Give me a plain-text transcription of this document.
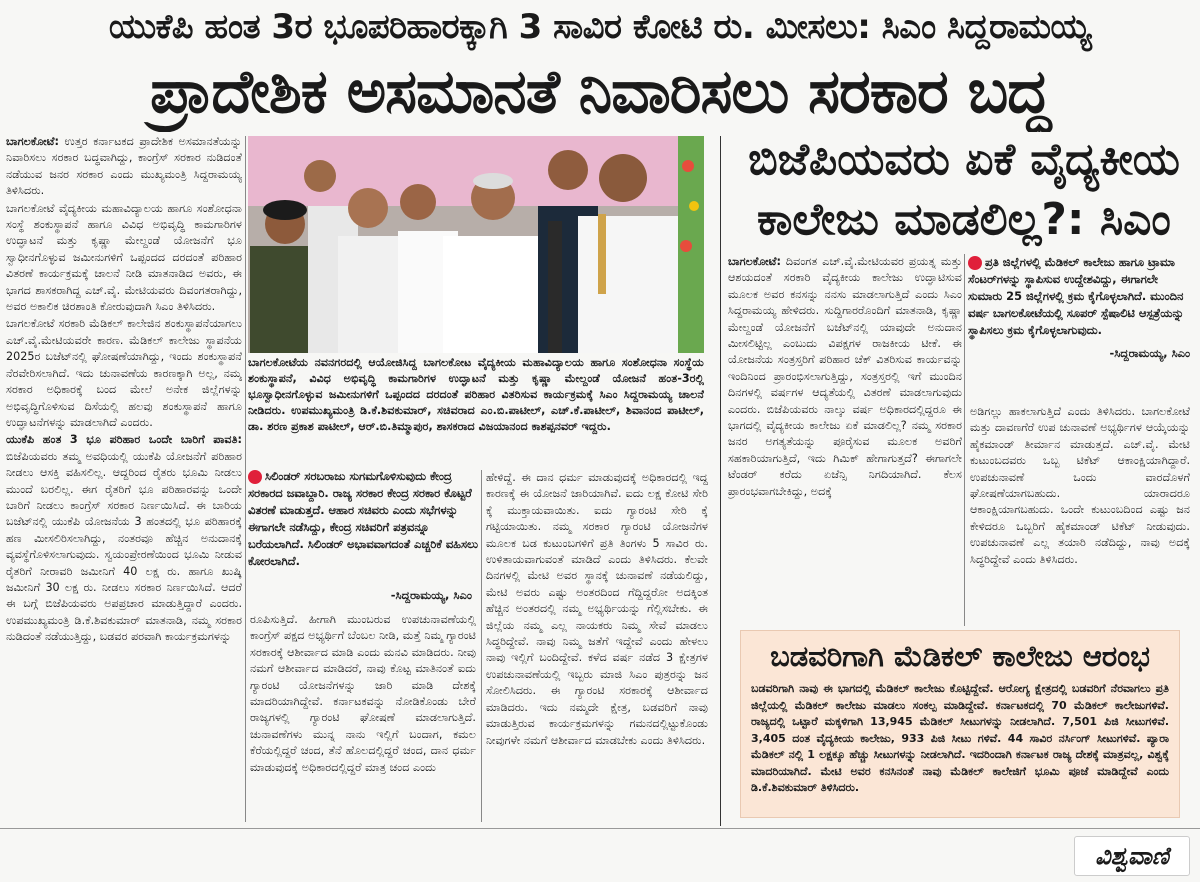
ಯುಕೆಪಿ ಹಂತ 3ರ ಭೂಪರಿಹಾರಕ್ಕಾಗಿ 3 ಸಾವಿರ ಕೋಟಿ ರು. ಮೀಸಲು: ಸಿಎಂ ಸಿದ್ದರಾಮಯ್ಯ
ಪ್ರಾದೇಶಿಕ ಅಸಮಾನತೆ ನಿವಾರಿಸಲು ಸರಕಾರ ಬದ್ಧ

ಬಾಗಲಕೋಟೆ: ಉತ್ತರ ಕರ್ನಾಟಕದ ಪ್ರಾದೇಶಿಕ ಅಸಮಾನತೆಯನ್ನು ನಿವಾರಿಸಲು ಸರಕಾರ ಬದ್ಧವಾಗಿದ್ದು, ಕಾಂಗ್ರೆಸ್ ಸರಕಾರ ನುಡಿದಂತೆ ನಡೆಯುವ ಜನರ ಸರಕಾರ ಎಂದು ಮುಖ್ಯಮಂತ್ರಿ ಸಿದ್ದರಾಮಯ್ಯ ತಿಳಿಸಿದರು.

ಬಾಗಲಕೋಟೆ ವೈದ್ಯಕೀಯ ಮಹಾವಿದ್ಯಾಲಯ ಹಾಗೂ ಸಂಶೋಧನಾ ಸಂಸ್ಥೆ ಶಂಕುಸ್ಥಾಪನೆ ಹಾಗೂ ವಿವಿಧ ಅಭಿವೃದ್ಧಿ ಕಾಮಗಾರಿಗಳ ಉದ್ಘಾಟನೆ ಮತ್ತು ಕೃಷ್ಣಾ ಮೇಲ್ದಂಡೆ ಯೋಜನೆಗೆ ಭೂ ಸ್ವಾಧೀನಗೊಳ್ಳುವ ಜಮೀನುಗಳಿಗೆ ಒಪ್ಪಂದದ ದರದಂತೆ ಪರಿಹಾರ ವಿತರಣೆ ಕಾರ್ಯಕ್ರಮಕ್ಕೆ ಚಾಲನೆ ನೀಡಿ ಮಾತನಾಡಿದ ಅವರು, ಈ ಭಾಗದ ಶಾಸಕರಾಗಿದ್ದ ಎಚ್.ವೈ. ಮೇಟಿಯವರು ದಿವಂಗತರಾಗಿದ್ದು, ಅವರ ಅಕಾಲಿಕ ಚಿರಶಾಂತಿ ಕೋರುವುದಾಗಿ ಸಿಎಂ ತಿಳಿಸಿದರು.

ಬಾಗಲಕೋಟೆ ಸರಕಾರಿ ಮೆಡಿಕಲ್ ಕಾಲೇಜಿನ ಶಂಕುಸ್ಥಾಪನೆಯಾಗಲು ಎಚ್.ವೈ.ಮೇಟಿಯವರೇ ಕಾರಣ. ಮೆಡಿಕಲ್ ಕಾಲೇಜು ಸ್ಥಾಪನೆಯ 2025ರ ಬಜೆಟ್‌ನಲ್ಲಿ ಘೋಷಣೆಯಾಗಿದ್ದು, ಇಂದು ಶಂಕುಸ್ಥಾಪನೆ ನೆರವೇರಿಸಲಾಗಿದೆ. ಇದು ಚುನಾವಣೆಯ ಕಾರಣಕ್ಕಾಗಿ ಅಲ್ಲ, ನಮ್ಮ ಸರಕಾರ ಅಧಿಕಾರಕ್ಕೆ ಬಂದ ಮೇಲೆ ಅನೇಕ ಜಿಲ್ಲೆಗಳನ್ನು ಅಭಿವೃದ್ಧಿಗೊಳಿಸುವ ದಿಸೆಯಲ್ಲಿ ಹಲವು ಶಂಕುಸ್ಥಾಪನೆ ಹಾಗೂ ಉದ್ಘಾಟನೆಗಳನ್ನು ಮಾಡಲಾಗಿದೆ ಎಂದರು.

ಯುಕೆಪಿ ಹಂತ 3 ಭೂ ಪರಿಹಾರ ಒಂದೇ ಬಾರಿಗೆ ಪಾವತಿ: ಬಿಜೆಪಿಯವರು ತಮ್ಮ ಅವಧಿಯಲ್ಲಿ ಯುಕೆಪಿ ಯೋಜನೆಗೆ ಪರಿಹಾರ ನೀಡಲು ಆಸಕ್ತಿ ವಹಿಸಲಿಲ್ಲ. ಆದ್ದರಿಂದ ರೈತರು ಭೂಮಿ ನೀಡಲು ಮುಂದೆ ಬರಲಿಲ್ಲ. ಈಗ ರೈತರಿಗೆ ಭೂ ಪರಿಹಾರವನ್ನು ಒಂದೇ ಬಾರಿಗೆ ನೀಡಲು ಕಾಂಗ್ರೆಸ್ ಸರಕಾರ ನಿರ್ಣಯಿಸಿದೆ. ಈ ಬಾರಿಯ ಬಜೆಟ್‌ನಲ್ಲಿ ಯುಕೆಪಿ ಯೋಜನೆಯ 3 ಹಂತದಲ್ಲಿ ಭೂ ಪರಿಹಾರಕ್ಕೆ ಹಣ ಮೀಸಲಿರಿಸಲಾಗಿದ್ದು, ನಂತರವೂ ಹೆಚ್ಚಿನ ಅನುದಾನಕ್ಕೆ ವ್ಯವಸ್ಥೆಗೊಳಿಸಲಾಗುವುದು. ಸ್ವಯಂಪ್ರೇರಣೆಯಿಂದ ಭೂಮಿ ನೀಡುವ ರೈತರಿಗೆ ನೀರಾವರಿ ಜಮೀನಿಗೆ 40 ಲಕ್ಷ ರು. ಹಾಗೂ ಖುಷ್ಕಿ ಜಮೀನಿಗೆ 30 ಲಕ್ಷ ರು. ನೀಡಲು ಸರಕಾರ ನಿರ್ಣಯಿಸಿದೆ. ಆದರೆ ಈ ಬಗ್ಗೆ ಬಿಜೆಪಿಯವರು ಅಪಪ್ರಚಾರ ಮಾಡುತ್ತಿದ್ದಾರೆ ಎಂದರು. ಉಪಮುಖ್ಯಮಂತ್ರಿ ಡಿ.ಕೆ.ಶಿವಕುಮಾರ್ ಮಾತನಾಡಿ, ನಮ್ಮ ಸರಕಾರ ನುಡಿದಂತೆ ನಡೆಯುತ್ತಿದ್ದು, ಬಡವರ ಪರವಾಗಿ ಕಾರ್ಯಕ್ರಮಗಳನ್ನು

ಬಾಗಲಕೋಟೆಯ ನವನಗರದಲ್ಲಿ ಆಯೋಜಿಸಿದ್ದ ಬಾಗಲಕೋಟ ವೈದ್ಯಕೀಯ ಮಹಾವಿದ್ಯಾಲಯ ಹಾಗೂ ಸಂಶೋಧನಾ ಸಂಸ್ಥೆಯ ಶಂಕುಸ್ಥಾಪನೆ, ವಿವಿಧ ಅಭಿವೃದ್ಧಿ ಕಾಮಗಾರಿಗಳ ಉದ್ಘಾಟನೆ ಮತ್ತು ಕೃಷ್ಣಾ ಮೇಲ್ದಂಡೆ ಯೋಜನೆ ಹಂತ-3ರಲ್ಲಿ ಭೂಸ್ವಾಧೀನಗೊಳ್ಳುವ ಜಮೀನುಗಳಿಗೆ ಒಪ್ಪಂದದ ದರದಂತೆ ಪರಿಹಾರ ವಿತರಿಸುವ ಕಾರ್ಯಕ್ರಮಕ್ಕೆ ಸಿಎಂ ಸಿದ್ದರಾಮಯ್ಯ ಚಾಲನೆ ನೀಡಿದರು. ಉಪಮುಖ್ಯಮಂತ್ರಿ ಡಿ.ಕೆ.ಶಿವಕುಮಾರ್, ಸಚಿವರಾದ ಎಂ.ಬಿ.ಪಾಟೀಲ್, ಎಚ್.ಕೆ.ಪಾಟೀಲ್, ಶಿವಾನಂದ ಪಾಟೀಲ್, ಡಾ. ಶರಣ ಪ್ರಕಾಶ ಪಾಟೀಲ್, ಆರ್.ಬಿ.ತಿಮ್ಮಾಪುರ, ಶಾಸಕರಾದ ವಿಜಯಾನಂದ ಕಾಶಪ್ಪನವರ್ ಇದ್ದರು.
ಸಿಲಿಂಡರ್ ಸರಬರಾಜು ಸುಗಮಗೊಳಿಸುವುದು ಕೇಂದ್ರ ಸರಕಾರದ ಜವಾಬ್ದಾರಿ. ರಾಜ್ಯ ಸರಕಾರ ಕೇಂದ್ರ ಸರಕಾರ ಕೊಟ್ಟರೆ ವಿತರಣೆ ಮಾಡುತ್ತದೆ. ಆಹಾರ ಸಚಿವರು ಎಂದು ಸಭೆಗಳನ್ನು ಈಗಾಗಲೇ ನಡೆಸಿದ್ದು, ಕೇಂದ್ರ ಸಚಿವರಿಗೆ ಪತ್ರವನ್ನೂ ಬರೆಯಲಾಗಿದೆ. ಸಿಲಿಂಡರ್ ಅಭಾವವಾಗದಂತೆ ಎಚ್ಚರಿಕೆ ವಹಿಸಲು ಕೋರಲಾಗಿದೆ.
-ಸಿದ್ದರಾಮಯ್ಯ, ಸಿಎಂ

ರೂಪಿಸುತ್ತಿದೆ. ಹೀಗಾಗಿ ಮುಂಬರುವ ಉಪಚುನಾವಣೆಯಲ್ಲಿ ಕಾಂಗ್ರೆಸ್ ಪಕ್ಷದ ಅಭ್ಯರ್ಥಿಗೆ ಬೆಂಬಲ ನೀಡಿ, ಮತ್ತೆ ನಿಮ್ಮ ಗ್ಯಾರಂಟಿ ಸರಕಾರಕ್ಕೆ ಆಶೀರ್ವಾದ ಮಾಡಿ ಎಂದು ಮನವಿ ಮಾಡಿದರು. ನೀವು ನಮಗೆ ಆಶೀರ್ವಾದ ಮಾಡಿದರೆ, ನಾವು ಕೊಟ್ಟ ಮಾತಿನಂತೆ ಐದು ಗ್ಯಾರಂಟಿ ಯೋಜನೆಗಳನ್ನು ಜಾರಿ ಮಾಡಿ ದೇಶಕ್ಕೆ ಮಾದರಿಯಾಗಿದ್ದೇವೆ. ಕರ್ನಾಟಕವನ್ನು ನೋಡಿಕೊಂಡು ಬೇರೆ ರಾಜ್ಯಗಳಲ್ಲಿ ಗ್ಯಾರಂಟಿ ಘೋಷಣೆ ಮಾಡಲಾಗುತ್ತಿದೆ. ಚುನಾವಣೆಗಳು ಮುನ್ನ ನಾನು ಇಲ್ಲಿಗೆ ಬಂದಾಗ, ಕಮಲ ಕೆರೆಯಲ್ಲಿದ್ದರೆ ಚಂದ, ತೆನೆ ಹೊಲದಲ್ಲಿದ್ದರೆ ಚಂದ, ದಾನ ಧರ್ಮ ಮಾಡುವುದಕ್ಕೆ ಅಧಿಕಾರದಲ್ಲಿದ್ದರೆ ಮಾತ್ರ ಚಂದ ಎಂದು

ಹೇಳಿದ್ದೆ. ಈ ದಾನ ಧರ್ಮ ಮಾಡುವುದಕ್ಕೆ ಅಧಿಕಾರದಲ್ಲಿ ಇದ್ದ ಕಾರಣಕ್ಕೆ ಈ ಯೋಜನೆ ಜಾರಿಯಾಗಿವೆ. ಐದು ಲಕ್ಷ ಕೋಟಿ ಸೇರಿ ಕ್ಕೆ ಮುಕ್ತಾಯವಾಯಿತು. ಐದು ಗ್ಯಾರಂಟಿ ಸೇರಿ ಕ್ಕೆ ಗಟ್ಟಿಯಾಯಿತು. ನಮ್ಮ ಸರಕಾರ ಗ್ಯಾರಂಟಿ ಯೋಜನೆಗಳ ಮೂಲಕ ಬಡ ಕುಟುಂಬಗಳಿಗೆ ಪ್ರತಿ ತಿಂಗಳು 5 ಸಾವಿರ ರು. ಉಳಿತಾಯವಾಗುವಂತೆ ಮಾಡಿದೆ ಎಂದು ತಿಳಿಸಿದರು. ಕೆಲವೇ ದಿನಗಳಲ್ಲಿ ಮೇಟಿ ಅವರ ಸ್ಥಾನಕ್ಕೆ ಚುನಾವಣೆ ನಡೆಯಲಿದ್ದು, ಮೇಟಿ ಅವರು ಎಷ್ಟು ಅಂತರದಿಂದ ಗೆದ್ದಿದ್ದರೋ ಅದಕ್ಕಿಂತ ಹೆಚ್ಚಿನ ಅಂತರದಲ್ಲಿ ನಮ್ಮ ಅಭ್ಯರ್ಥಿಯನ್ನು ಗೆಲ್ಲಿಸಬೇಕು. ಈ ಜಿಲ್ಲೆಯ ನಮ್ಮ ಎಲ್ಲ ನಾಯಕರು ನಿಮ್ಮ ಸೇವೆ ಮಾಡಲು ಸಿದ್ಧರಿದ್ದೇವೆ. ನಾವು ನಿಮ್ಮ ಜತೆಗೆ ಇದ್ದೇವೆ ಎಂದು ಹೇಳಲು ನಾವು ಇಲ್ಲಿಗೆ ಬಂದಿದ್ದೇವೆ. ಕಳೆದ ವರ್ಷ ನಡೆದ 3 ಕ್ಷೇತ್ರಗಳ ಉಪಚುನಾವಣೆಯಲ್ಲಿ ಇಬ್ಬರು ಮಾಜಿ ಸಿಎಂ ಪುತ್ರರನ್ನು ಜನ ಸೋಲಿಸಿದರು. ಈ ಗ್ಯಾರಂಟಿ ಸರಕಾರಕ್ಕೆ ಆಶೀರ್ವಾದ ಮಾಡಿದರು. ಇದು ನಮ್ಮದೇ ಕ್ಷೇತ್ರ, ಬಡವರಿಗೆ ನಾವು ಮಾಡುತ್ತಿರುವ ಕಾರ್ಯಕ್ರಮಗಳನ್ನು ಗಮನದಲ್ಲಿಟ್ಟುಕೊಂಡು ನೀವುಗಳೇ ನಮಗೆ ಆಶೀರ್ವಾದ ಮಾಡಬೇಕು ಎಂದು ತಿಳಿಸಿದರು.

ಬಿಜೆಪಿಯವರು ಏಕೆ ವೈದ್ಯಕೀಯ
ಕಾಲೇಜು ಮಾಡಲಿಲ್ಲ?: ಸಿಎಂ

ಬಾಗಲಕೋಟೆ: ದಿವಂಗತ ಎಚ್.ವೈ.ಮೇಟಿಯವರ ಪ್ರಯತ್ನ ಮತ್ತು ಆಶಯದಂತೆ ಸರಕಾರಿ ವೈದ್ಯಕೀಯ ಕಾಲೇಜು ಉದ್ಘಾಟಿಸುವ ಮೂಲಕ ಅವರ ಕನಸನ್ನು ನನಸು ಮಾಡಲಾಗುತ್ತಿದೆ ಎಂದು ಸಿಎಂ ಸಿದ್ದರಾಮಯ್ಯ ಹೇಳಿದರು. ಸುದ್ದಿಗಾರರೊಂದಿಗೆ ಮಾತನಾಡಿ, ಕೃಷ್ಣಾ ಮೇಲ್ದಂಡೆ ಯೋಜನೆಗೆ ಬಜೆಟ್‌ನಲ್ಲಿ ಯಾವುದೇ ಅನುದಾನ ಮೀಸಲಿಟ್ಟಿಲ್ಲ ಎಂಬುದು ವಿಪಕ್ಷಗಳ ರಾಜಕೀಯ ಟೀಕೆ. ಈ ಯೋಜನೆಯ ಸಂತ್ರಸ್ತರಿಗೆ ಪರಿಹಾರ ಚೆಕ್ ವಿತರಿಸುವ ಕಾರ್ಯವನ್ನು ಇಂದಿನಿಂದ ಪ್ರಾರಂಭಿಸಲಾಗುತ್ತಿದ್ದು, ಸಂತ್ರಸ್ತರಲ್ಲಿ ಇಗೆ ಮುಂದಿನ ದಿನಗಳಲ್ಲಿ ವರ್ಷಗಳ ಆದ್ಯತೆಯಲ್ಲಿ ವಿತರಣೆ ಮಾಡಲಾಗುವುದು ಎಂದರು. ಬಿಜೆಪಿಯವರು ನಾಲ್ಕು ವರ್ಷ ಅಧಿಕಾರದಲ್ಲಿದ್ದರೂ ಈ ಭಾಗದಲ್ಲಿ ವೈದ್ಯಕೀಯ ಕಾಲೇಜು ಏಕೆ ಮಾಡಲಿಲ್ಲ? ನಮ್ಮ ಸರಕಾರ ಜನರ ಅಗತ್ಯತೆಯನ್ನು ಪೂರೈಸುವ ಮೂಲಕ ಅವರಿಗೆ ಸಹಕಾರಿಯಾಗುತ್ತಿದೆ, ಇದು ಗಿಮಿಕ್ ಹೇಗಾಗುತ್ತದೆ? ಈಗಾಗಲೇ ಟೆಂಡರ್ ಕರೆದು ಏಜೆನ್ಸಿ ನಿಗದಿಯಾಗಿದೆ. ಕೆಲಸ ಪ್ರಾರಂಭವಾಗಬೇಕಿದ್ದು, ಅದಕ್ಕೆ

ಪ್ರತಿ ಜಿಲ್ಲೆಗಳಲ್ಲಿ ಮೆಡಿಕಲ್ ಕಾಲೇಜು ಹಾಗೂ ಟ್ರಾಮಾ ಸೆಂಟರ್‌ಗಳನ್ನು ಸ್ಥಾಪಿಸುವ ಉದ್ದೇಶವಿದ್ದು, ಈಗಾಗಲೇ ಸುಮಾರು 25 ಜಿಲ್ಲೆಗಳಲ್ಲಿ ಕ್ರಮ ಕೈಗೊಳ್ಳಲಾಗಿದೆ. ಮುಂದಿನ ವರ್ಷ ಬಾಗಲಕೋಟೆಯಲ್ಲಿ ಸೂಪರ್ ಸ್ಪೆಷಾಲಿಟಿ ಆಸ್ಪತ್ರೆಯನ್ನು ಸ್ಥಾಪಿಸಲು ಕ್ರಮ ಕೈಗೊಳ್ಳಲಾಗುವುದು.
-ಸಿದ್ದರಾಮಯ್ಯ, ಸಿಎಂ

ಅಡಿಗಲ್ಲು ಹಾಕಲಾಗುತ್ತಿದೆ ಎಂದು ತಿಳಿಸಿದರು. ಬಾಗಲಕೋಟೆ ಮತ್ತು ದಾವಣಗೆರೆ ಉಪ ಚುನಾವಣೆ ಅಭ್ಯರ್ಥಿಗಳ ಆಯ್ಕೆಯನ್ನು ಹೈಕಮಾಂಡ್ ತೀರ್ಮಾನ ಮಾಡುತ್ತದೆ. ಎಚ್.ವೈ. ಮೇಟಿ ಕುಟುಂಬದವರು ಒಬ್ಬ ಟಿಕೆಟ್ ಆಕಾಂಕ್ಷಿಯಾಗಿದ್ದಾರೆ. ಉಪಚುನಾವಣೆ ಒಂದು ವಾರದೊಳಗೆ ಘೋಷಣೆಯಾಗಬಹುದು. ಯಾರಾದರೂ ಆಕಾಂಕ್ಷಿಯಾಗಬಹುದು. ಒಂದೇ ಕುಟುಂಬದಿಂದ ಎಷ್ಟು ಜನ ಕೇಳಿದರೂ ಒಬ್ಬರಿಗೆ ಹೈಕಮಾಂಡ್ ಟಿಕೆಟ್ ನೀಡುವುದು. ಉಪಚುನಾವಣೆ ಎಲ್ಲ ತಯಾರಿ ನಡೆದಿದ್ದು, ನಾವು ಅದಕ್ಕೆ ಸಿದ್ಧರಿದ್ದೇವೆ ಎಂದು ತಿಳಿಸಿದರು.

ಬಡವರಿಗಾಗಿ ಮೆಡಿಕಲ್ ಕಾಲೇಜು ಆರಂಭ
ಬಡವರಿಗಾಗಿ ನಾವು ಈ ಭಾಗದಲ್ಲಿ ಮೆಡಿಕಲ್ ಕಾಲೇಜು ಕೊಟ್ಟಿದ್ದೇವೆ. ಆರೋಗ್ಯ ಕ್ಷೇತ್ರದಲ್ಲಿ ಬಡವರಿಗೆ ನೆರವಾಗಲು ಪ್ರತಿ ಜಿಲ್ಲೆಯಲ್ಲಿ ಮೆಡಿಕಲ್ ಕಾಲೇಜು ಮಾಡಲು ಸಂಕಲ್ಪ ಮಾಡಿದ್ದೇವೆ. ಕರ್ನಾಟಕದಲ್ಲಿ 70 ಮೆಡಿಕಲ್ ಕಾಲೇಜುಗಳಿವೆ. ರಾಜ್ಯದಲ್ಲಿ ಒಟ್ಟಾರೆ ಮಕ್ಕಳಿಗಾಗಿ 13,945 ಮೆಡಿಕಲ್ ಸೀಟುಗಳನ್ನು ನೀಡಲಾಗಿದೆ. 7,501 ಪಿಜಿ ಸೀಟುಗಳಿವೆ. 3,405 ದಂತ ವೈದ್ಯಕೀಯ ಕಾಲೇಜು, 933 ಪಿಜಿ ಸೀಟು ಗಳಿವೆ. 44 ಸಾವಿರ ನರ್ಸಿಂಗ್ ಸೀಟುಗಳಿವೆ. ಪ್ಯಾರಾ ಮೆಡಿಕಲ್ ನಲ್ಲಿ 1 ಲಕ್ಷಕ್ಕೂ ಹೆಚ್ಚು ಸೀಟುಗಳನ್ನು ನೀಡಲಾಗಿದೆ. ಇದರಿಂದಾಗಿ ಕರ್ನಾಟಕ ರಾಜ್ಯ ದೇಶಕ್ಕೆ ಮಾತ್ರವಲ್ಲ, ವಿಶ್ವಕ್ಕೆ ಮಾದರಿಯಾಗಿದೆ. ಮೇಟಿ ಅವರ ಕನಸಿನಂತೆ ನಾವು ಮೆಡಿಕಲ್ ಕಾಲೇಜಿಗೆ ಭೂಮಿ ಪೂಜೆ ಮಾಡಿದ್ದೇವೆ ಎಂದು ಡಿ.ಕೆ.ಶಿವಕುಮಾರ್ ತಿಳಿಸಿದರು.
ವಿಶ್ವವಾಣಿ
